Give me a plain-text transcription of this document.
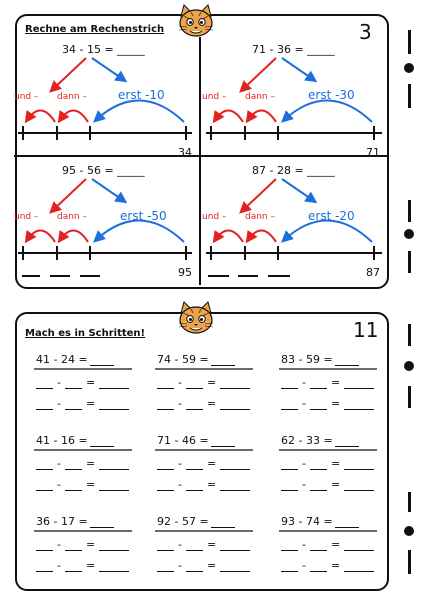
Rechne am Rechenstrich	3
Mach es in Schritten!	11
34 - 15 = _____
und – dann –	erst -10
34
71 - 36 = _____
und – dann –	erst -30
71
95 - 56 = _____
und – dann –	erst -50
95
87 - 28 = _____
und – dann –	erst -20
87
41 - 24 =	74 - 59 =	83 - 59 =
41 - 16 =	71 - 46 =	62 - 33 =
36 - 17 =	92 - 57 =	93 - 74 =
- =
- =
- =
- =
- =
- =
- =
- =
- =
- =
- =
- =
- =
- =
- =
- =
- =
- =
